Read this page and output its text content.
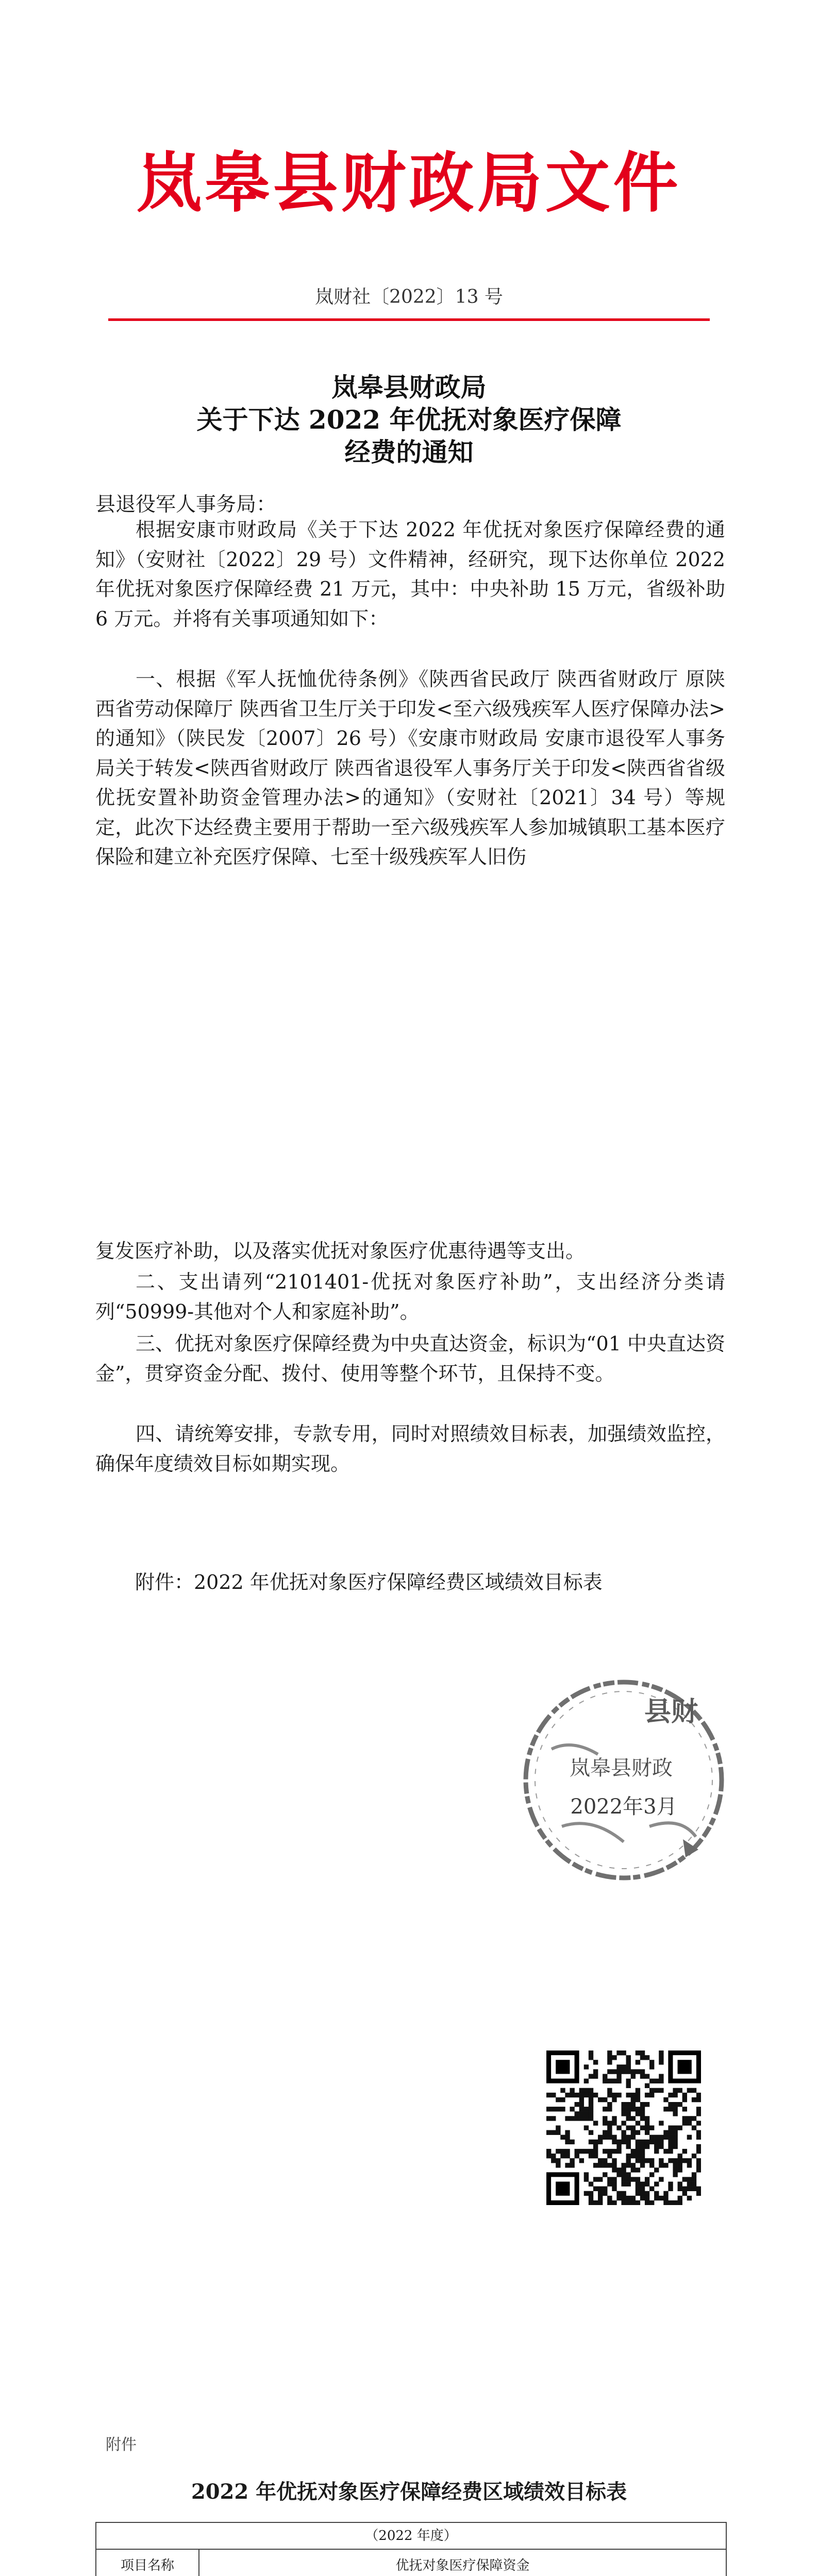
岚皋县财政局文件
岚财社〔2022〕13 号
岚皋县财政局
关于下达 2022 年优抚对象医疗保障
经费的通知
县退役军人事务局：
根据安康市财政局《关于下达 2022 年优抚对象医疗保障经费的通知》（安财社〔2022〕29 号）文件精神，经研究，现下达你单位 2022 年优抚对象医疗保障经费 21 万元，其中：中央补助 15 万元，省级补助 6 万元。并将有关事项通知如下：
一、根据《军人抚恤优待条例》《陕西省民政厅 陕西省财政厅 原陕西省劳动保障厅 陕西省卫生厅关于印发<至六级残疾军人医疗保障办法>的通知》（陕民发〔2007〕26 号）《安康市财政局 安康市退役军人事务局关于转发<陕西省财政厅 陕西省退役军人事务厅关于印发<陕西省省级优抚安置补助资金管理办法>的通知》（安财社〔2021〕34 号）等规定，此次下达经费主要用于帮助一至六级残疾军人参加城镇职工基本医疗保险和建立补充医疗保障、七至十级残疾军人旧伤
复发医疗补助，以及落实优抚对象医疗优惠待遇等支出。
二、支出请列“2101401-优抚对象医疗补助”，支出经济分类请列“50999-其他对个人和家庭补助”。
三、优抚对象医疗保障经费为中央直达资金，标识为“01 中央直达资金”，贯穿资金分配、拨付、使用等整个环节，且保持不变。
四、请统筹安排，专款专用，同时对照绩效目标表，加强绩效监控，确保年度绩效目标如期实现。
附件：2022 年优抚对象医疗保障经费区域绩效目标表
县财
岚皋县财政
2022年3月
附件
2022 年优抚对象医疗保障经费区域绩效目标表
（2022 年度）					
项目名称		优抚对象医疗保障资金			
